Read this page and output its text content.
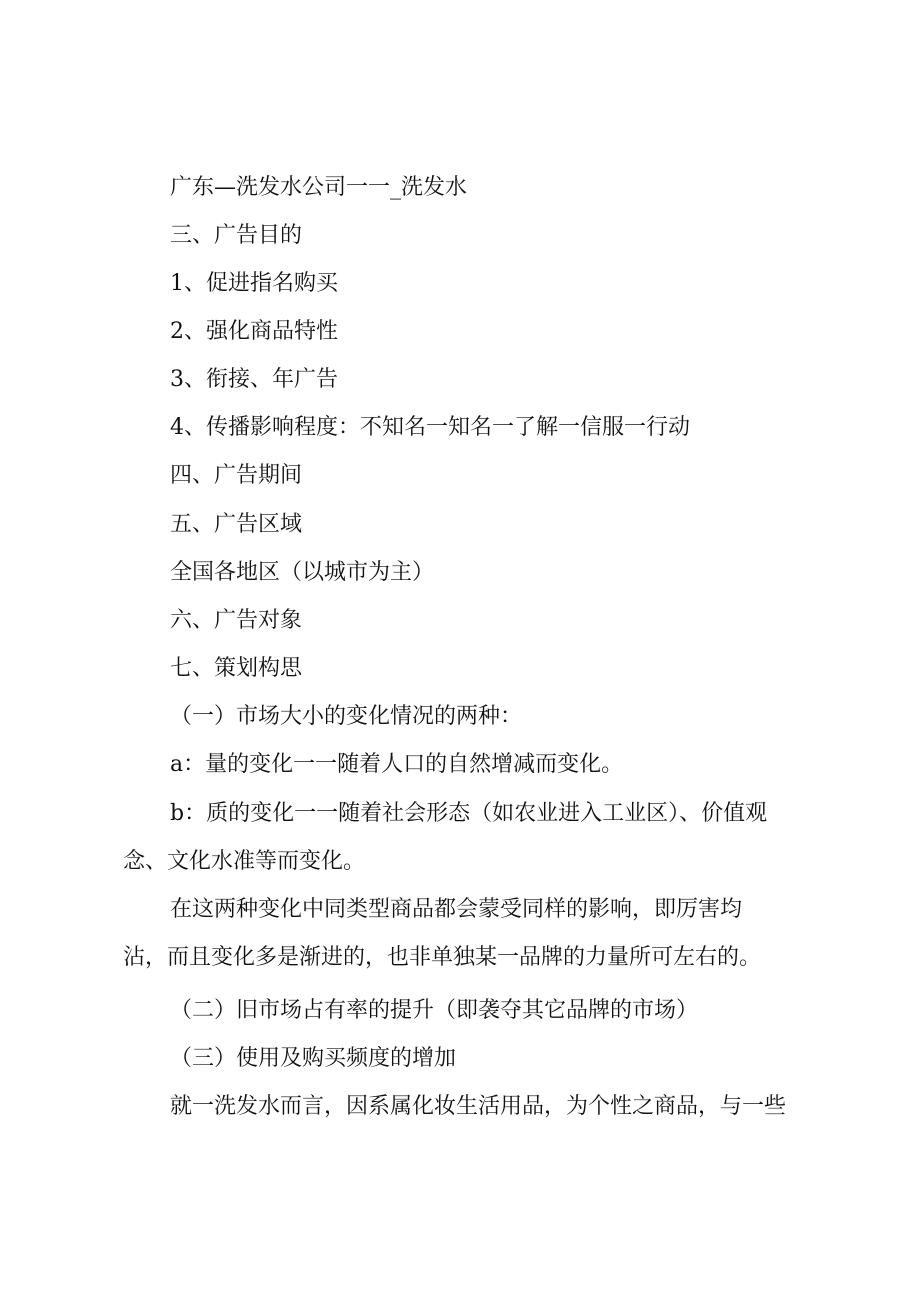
广东—洗发水公司一一_洗发水
三、广告目的
1、促进指名购买
2、强化商品特性
3、衔接、年广告
4、传播影响程度：不知名一知名一了解一信服一行动
四、广告期间
五、广告区域
全国各地区（以城市为主）
六、广告对象
七、策划构思
（一）市场大小的变化情况的两种：
a：量的变化一一随着人口的自然增减而变化。
b：质的变化一一随着社会形态（如农业进入工业区）、价值观
念、文化水准等而变化。
在这两种变化中同类型商品都会蒙受同样的影响，即厉害均
沾，而且变化多是渐进的，也非单独某一品牌的力量所可左右的。
（二）旧市场占有率的提升（即袭夺其它品牌的市场）
（三）使用及购买频度的增加
就一洗发水而言，因系属化妆生活用品，为个性之商品，与一些
